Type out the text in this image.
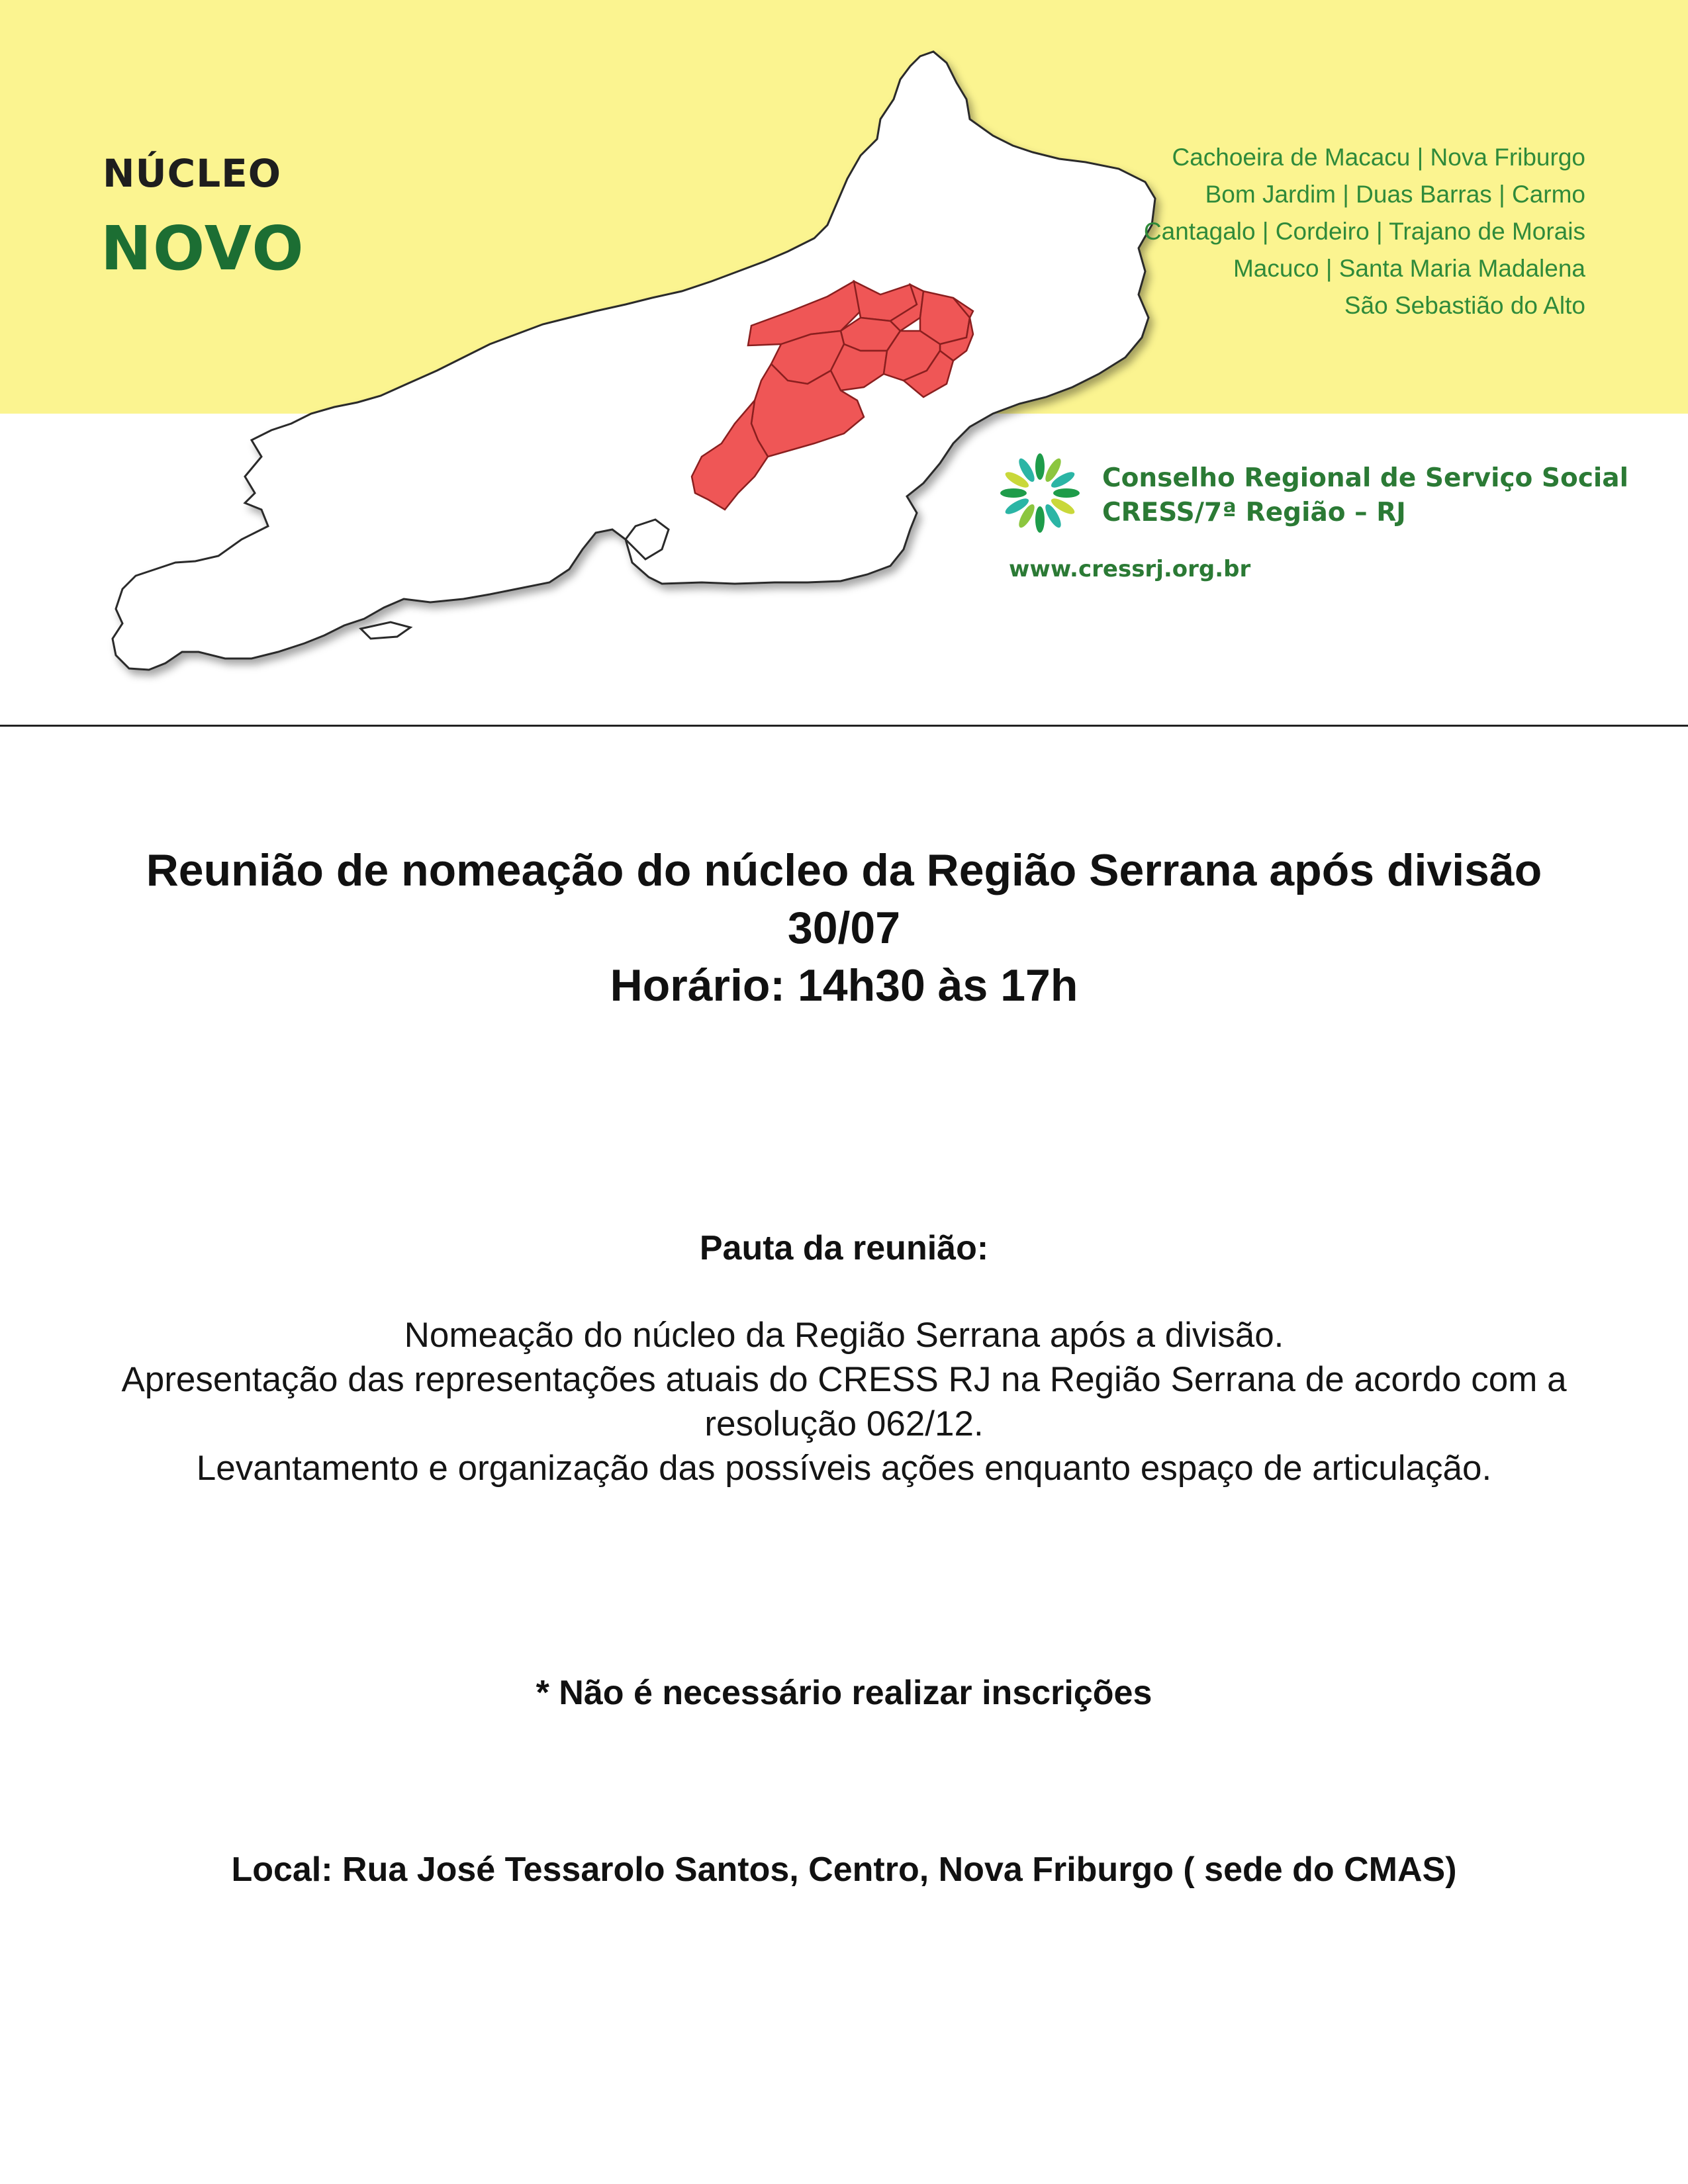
NÚCLEO
NOVO
Cachoeira de Macacu | Nova Friburgo
Bom Jardim | Duas Barras | Carmo
Cantagalo | Cordeiro | Trajano de Morais
Macuco | Santa Maria Madalena
São Sebastião do Alto
Conselho Regional de Serviço Social
CRESS/7ª Região – RJ
www.cressrj.org.br
Reunião de nomeação do núcleo da Região Serrana após divisão
30/07
Horário: 14h30 às 17h
Pauta da reunião:
Nomeação do núcleo da Região Serrana após a divisão.
Apresentação das representações atuais do CRESS RJ na Região Serrana de acordo com a
resolução 062/12.
Levantamento e organização das possíveis ações enquanto espaço de articulação.
* Não é necessário realizar inscrições
Local: Rua José Tessarolo Santos, Centro, Nova Friburgo ( sede do CMAS)
